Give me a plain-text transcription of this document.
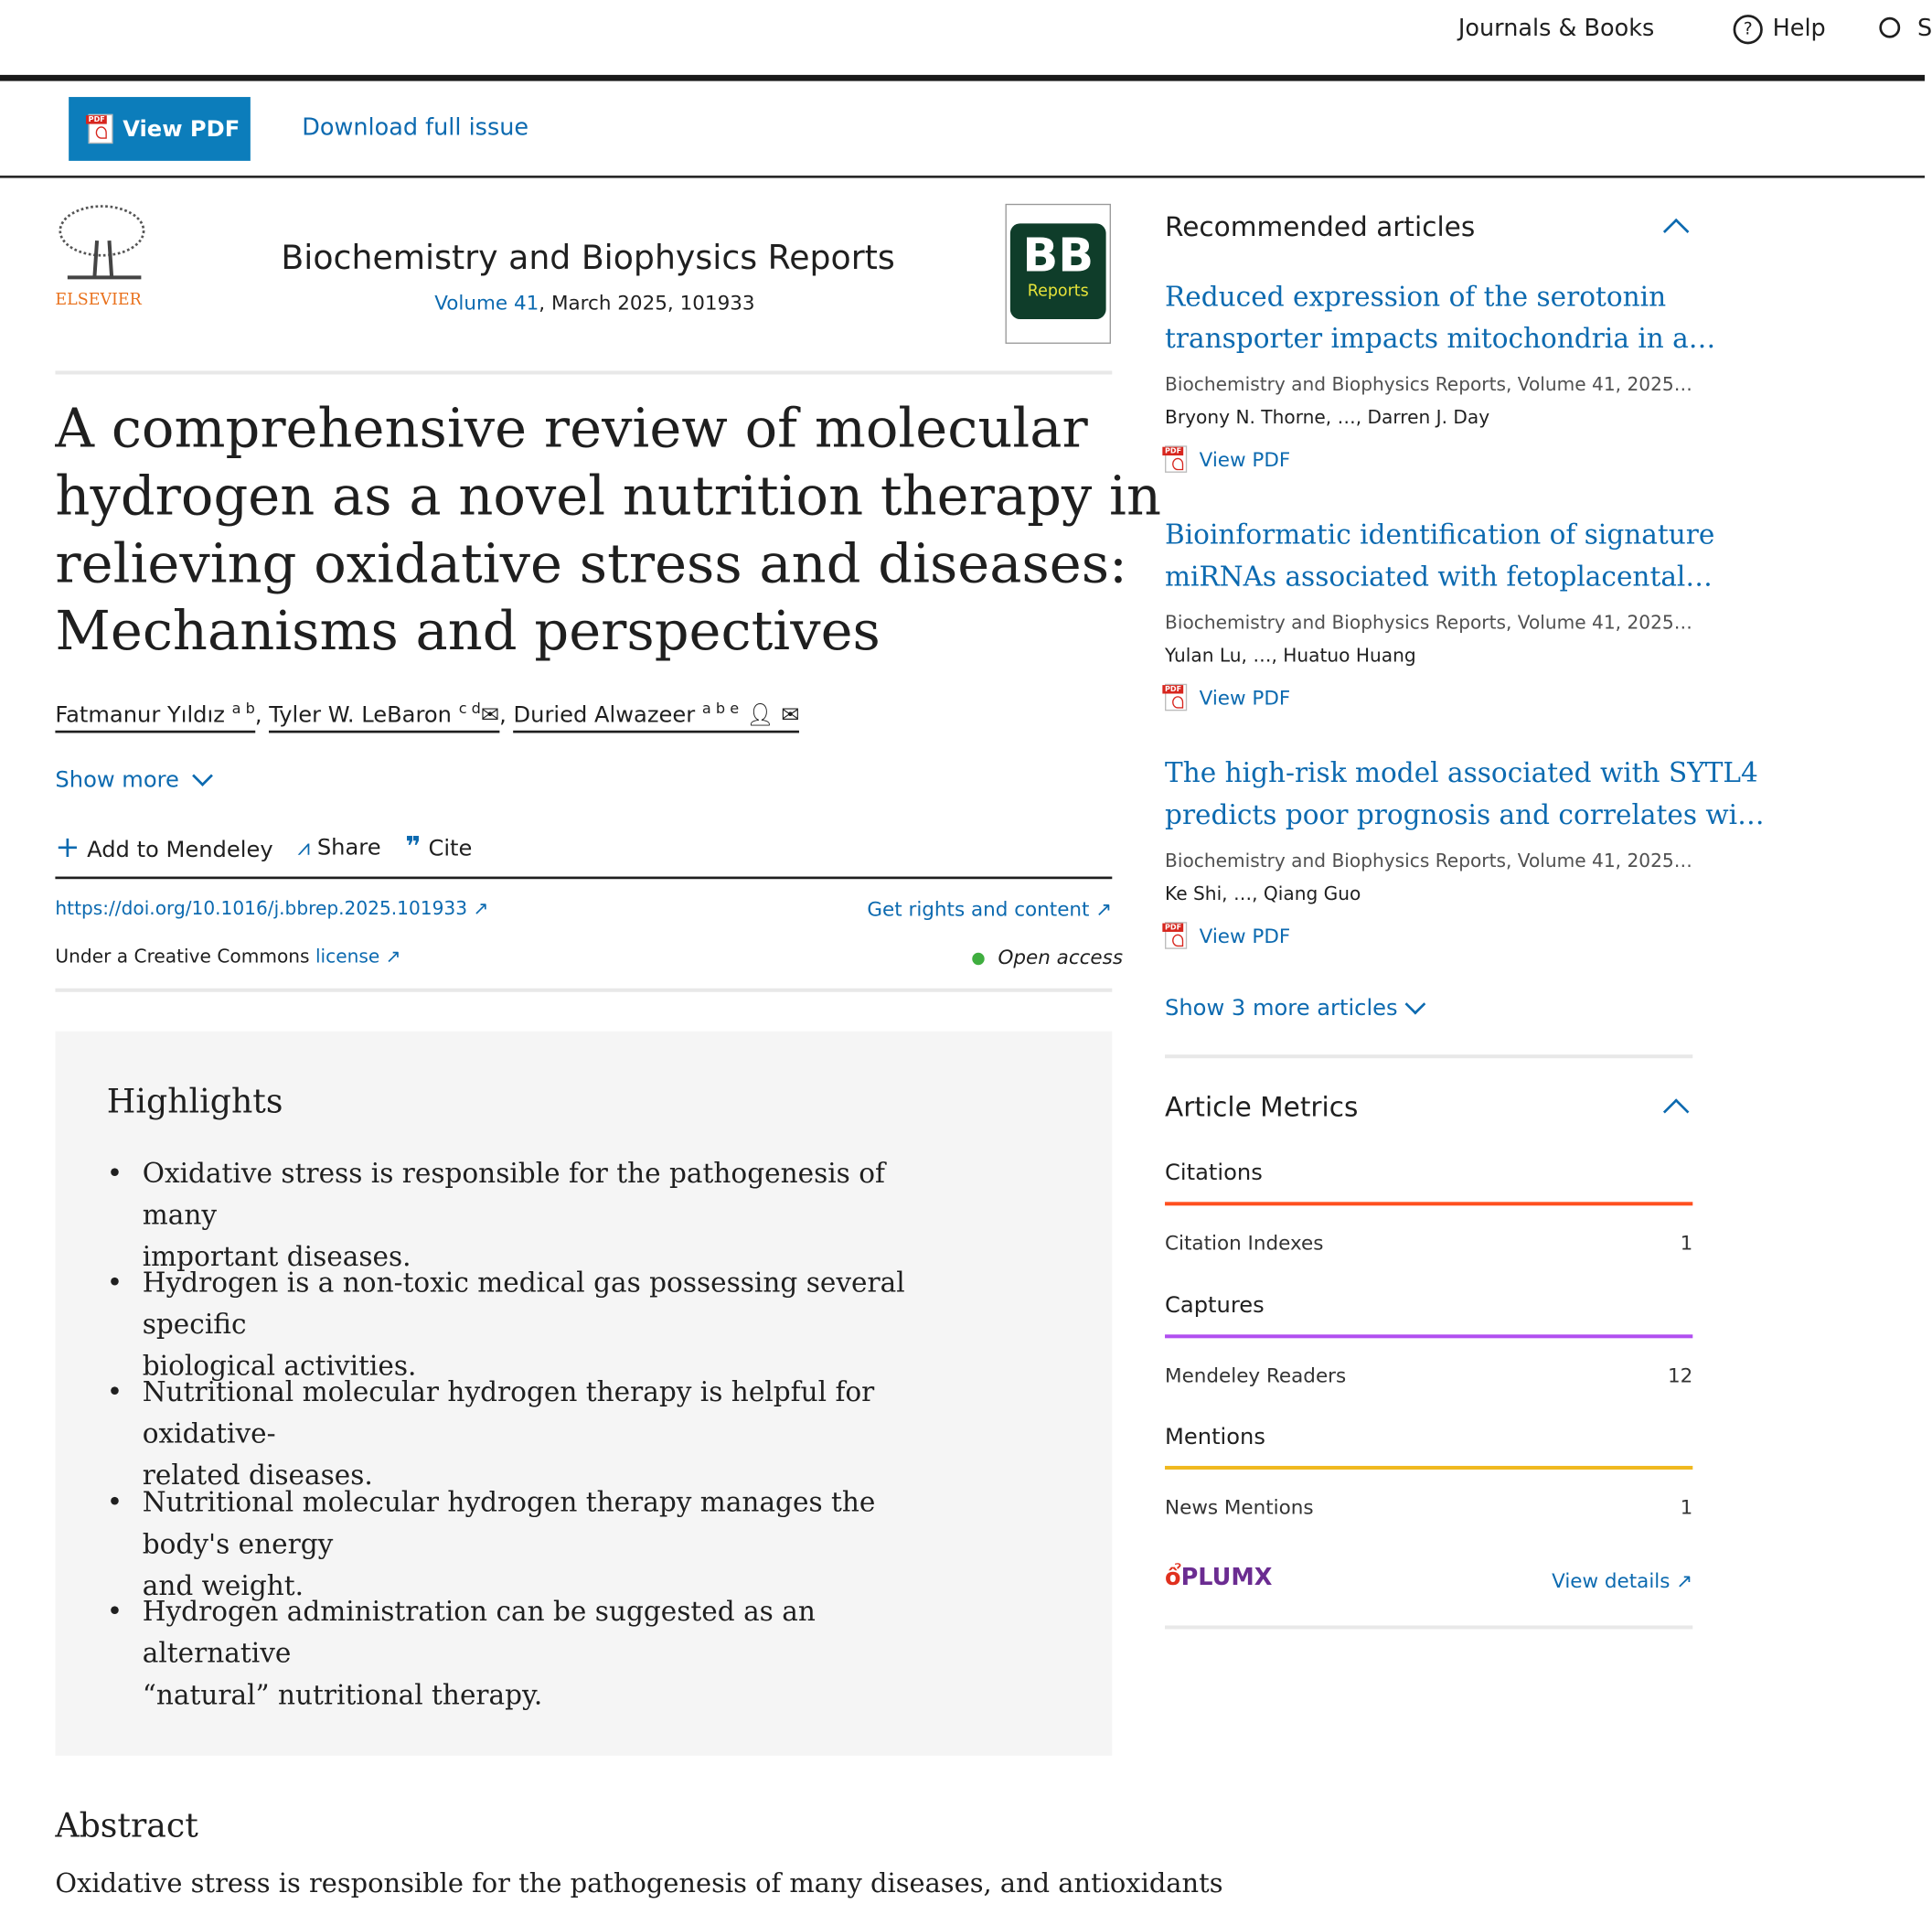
Journals & Books	?	Help	S
PDF
View PDF	Download full issue
ELSEVIER
Biochemistry and Biophysics Reports
Volume 41, March 2025, 101933
BB
Reports
A comprehensive review of molecular
hydrogen as a novel nutrition therapy in
relieving oxidative stress and diseases:
Mechanisms and perspectives
Fatmanur Yıldız $^{a b}$, Tyler W. LeBaron $^{c d}$✉, Duried Alwazeer $^{a b e}$ 👤︎ ✉
Show more
+ Add to Mendeley ⩘ Share ❞ Cite
https://doi.org/10.1016/j.bbrep.2025.101933 ↗	Get rights and content ↗
Under a Creative Commons license ↗	Open access
Highlights
• Oxidative stress is responsible for the pathogenesis of many
important diseases.
• Hydrogen is a non-toxic medical gas possessing several specific
biological activities.
• Nutritional molecular hydrogen therapy is helpful for oxidative-
related diseases.
• Nutritional molecular hydrogen therapy manages the body's energy
and weight.
• Hydrogen administration can be suggested as an alternative
“natural” nutritional therapy.
Abstract
Oxidative stress is responsible for the pathogenesis of many diseases, and antioxidants
Recommended articles
Reduced expression of the serotonin
transporter impacts mitochondria in a…
Biochemistry and Biophysics Reports, Volume 41, 2025…
Bryony N. Thorne, …, Darren J. Day
PDF
View PDF
Bioinformatic identification of signature
miRNAs associated with fetoplacental…
Biochemistry and Biophysics Reports, Volume 41, 2025…
Yulan Lu, …, Huatuo Huang
PDF
View PDF
The high-risk model associated with SYTL4
predicts poor prognosis and correlates wi…
Biochemistry and Biophysics Reports, Volume 41, 2025…
Ke Shi, …, Qiang Guo
PDF
View PDF
Show 3 more articles
Article Metrics
Citations
Citation Indexes	1
Captures
Mendeley Readers	12
Mentions
News Mentions	1
ổPLUMX	View details ↗
